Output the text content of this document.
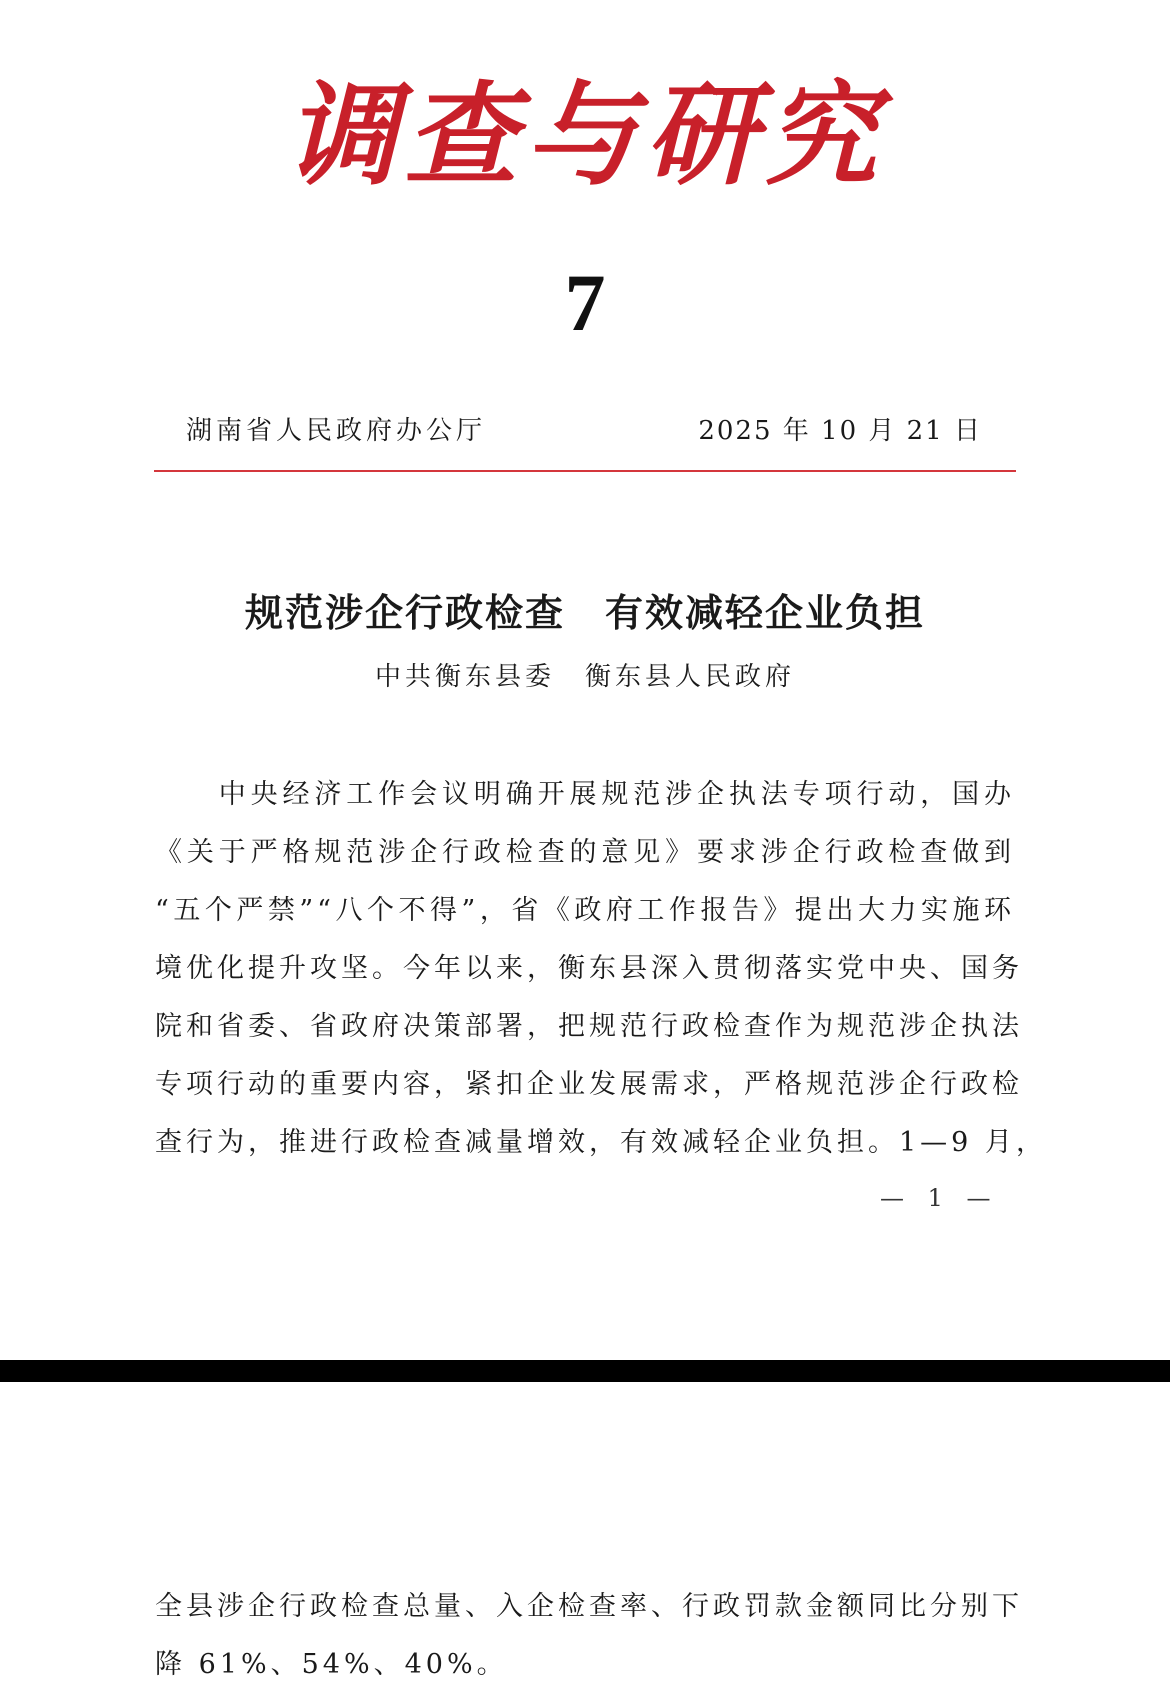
调查与研究
7
湖南省人民政府办公厅	2025 年 10 月 21 日
规范涉企行政检查　有效减轻企业负担
中共衡东县委　衡东县人民政府
　　中央经济工作会议明确开展规范涉企执法专项行动，国办
《关于严格规范涉企行政检查的意见》要求涉企行政检查做到
“五个严禁”“八个不得”，省《政府工作报告》提出大力实施环
境优化提升攻坚。今年以来，衡东县深入贯彻落实党中央、国务
院和省委、省政府决策部署，把规范行政检查作为规范涉企执法
专项行动的重要内容，紧扣企业发展需求，严格规范涉企行政检
查行为，推进行政检查减量增效，有效减轻企业负担。1—9 月，
— 1 —
全县涉企行政检查总量、入企检查率、行政罚款金额同比分别下
降 61%、54%、40%。
